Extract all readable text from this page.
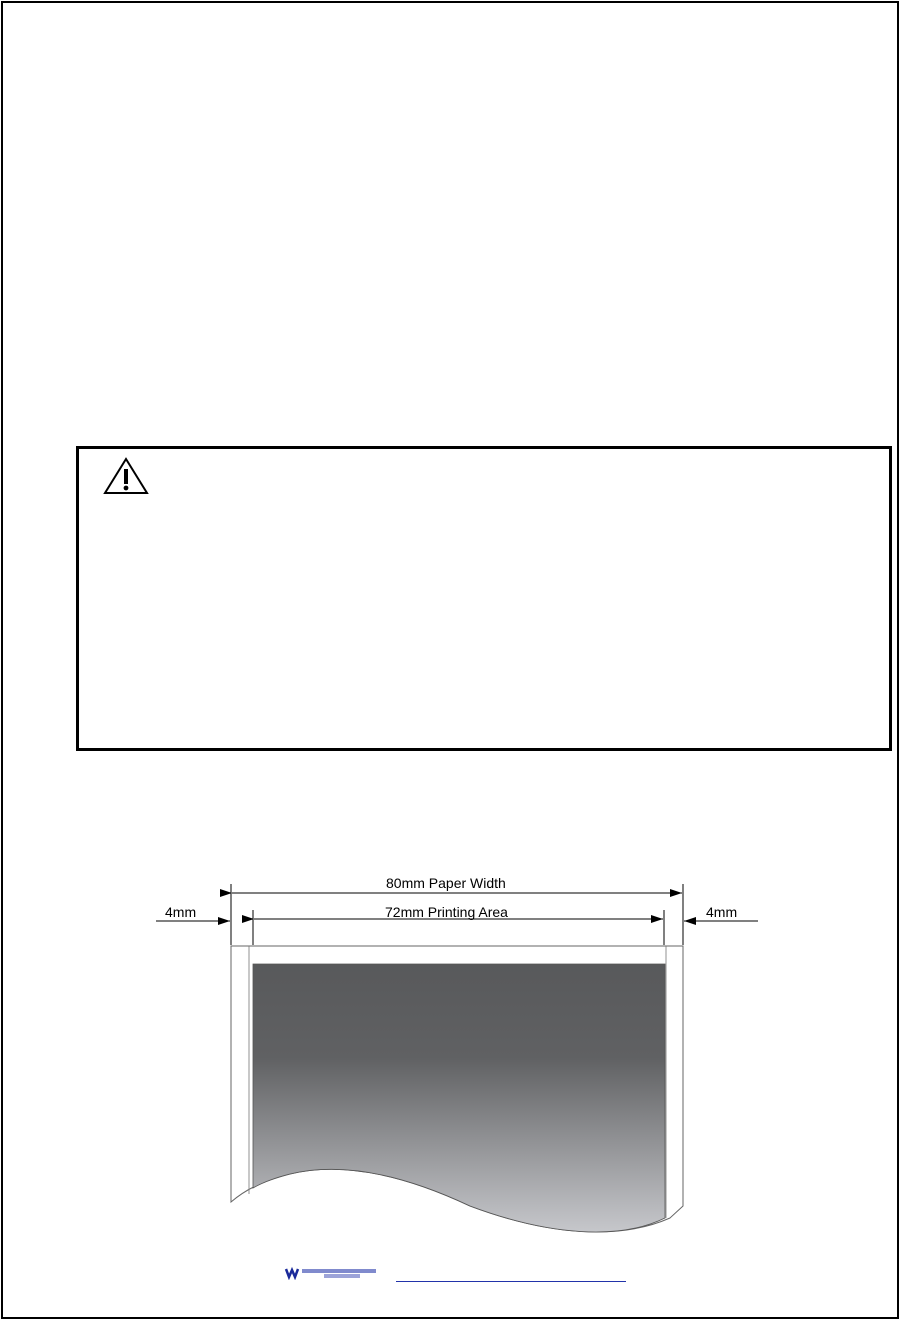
80mm Paper Width
72mm Printing Area
4mm	4mm
